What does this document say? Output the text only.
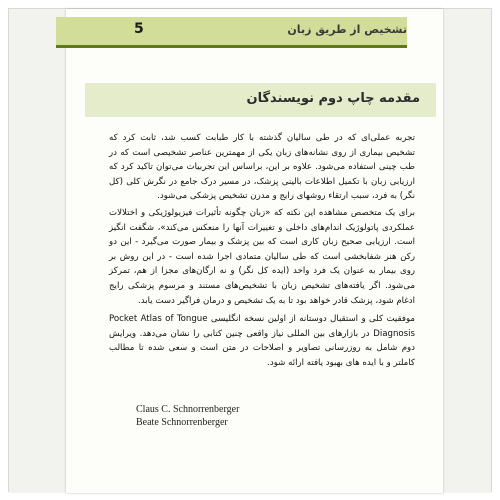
تشخیص از طریق زبان
5
مقدمه چاپ دوم نویسندگان

تجربه عملی‌ای که در طی سالیان گذشته با کار طبابت کسب شد، ثابت کرد که تشخیص بیماری از روی نشانه‌های زبان یکی از مهمترین عناصر تشخیصی است که در طب چینی استفاده می‌شود. علاوه بر این، براساس این تجربیات می‌توان تاکید کرد که ارزیابی زبان با تکمیل اطلاعات بالینی پزشک، در مسیر درک جامع در نگرش کلی (کل نگر) به فرد، سبب ارتقاء روشهای رایج و مدرن تشخیص پزشکی می‌شود.

برای یک متخصص مشاهده این نکته که «زبان چگونه تأثیرات فیزیولوژیکی و اختلالات عملکردی پاتولوژیک اندام‌های داخلی و تغییرات آنها را منعکس می‌کند»، شگفت انگیز است. ارزیابی صحیح زبان کاری است که بین پزشک و بیمار صورت می‌گیرد - این دو رکن هنر شفابخشی است که طی سالیان متمادی اجرا شده است - در این روش بر روی بیمار به عنوان یک فرد واحد (ایده کل نگر) و نه ارگان‌های مجزا از هم، تمرکز می‌شود. اگر یافته‌های تشخیص زبان با تشخیص‌های مستند و مرسوم پزشکی رایج ادغام شود، پزشک قادر خواهد بود تا به یک تشخیص و درمان فراگیر دست یابد.

موفقیت کلی و استقبال دوستانه از اولین نسخه انگلیسی Pocket Atlas of Tongue Diagnosis در بازارهای بین المللی نیاز واقعی چنین کتابی را نشان می‌دهد. ویرایش دوم شامل به روزرسانی تصاویر و اصلاحات در متن است و سعی شده تا مطالب کاملتر و با ایده های بهبود یافته ارائه شود.

Claus C. Schnorrenberger
Beate Schnorrenberger
